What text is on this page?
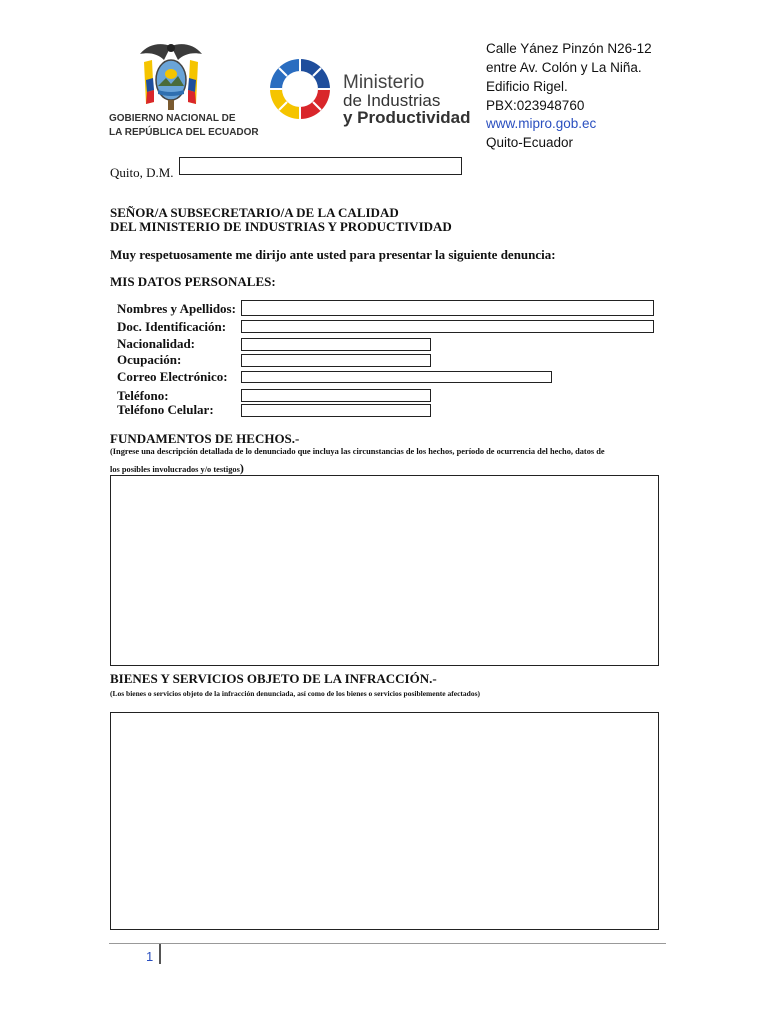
GOBIERNO NACIONAL DE
LA REPÚBLICA DEL ECUADOR
Ministerio
de Industrias
y Productividad
Calle Yánez Pinzón N26-12
entre Av. Colón y La Niña.
Edificio Rigel.
PBX:023948760
www.mipro.gob.ec
Quito-Ecuador
Quito, D.M.
SEÑOR/A SUBSECRETARIO/A DE LA CALIDAD
DEL MINISTERIO DE INDUSTRIAS Y PRODUCTIVIDAD
Muy respetuosamente me dirijo ante usted para presentar la siguiente denuncia:
MIS DATOS PERSONALES:
Nombres y Apellidos:
Doc. Identificación:
Nacionalidad:
Ocupación:
Correo Electrónico:
Teléfono:
Teléfono Celular:
FUNDAMENTOS DE HECHOS.-
(Ingrese una descripción detallada de lo denunciado que incluya las circunstancias de los hechos, período de ocurrencia del hecho, datos de
los posibles involucrados y/o testigos)
BIENES Y SERVICIOS OBJETO DE LA INFRACCIÓN.-
(Los bienes o servicios objeto de la infracción denunciada, así como de los bienes o servicios posiblemente afectados)
1
